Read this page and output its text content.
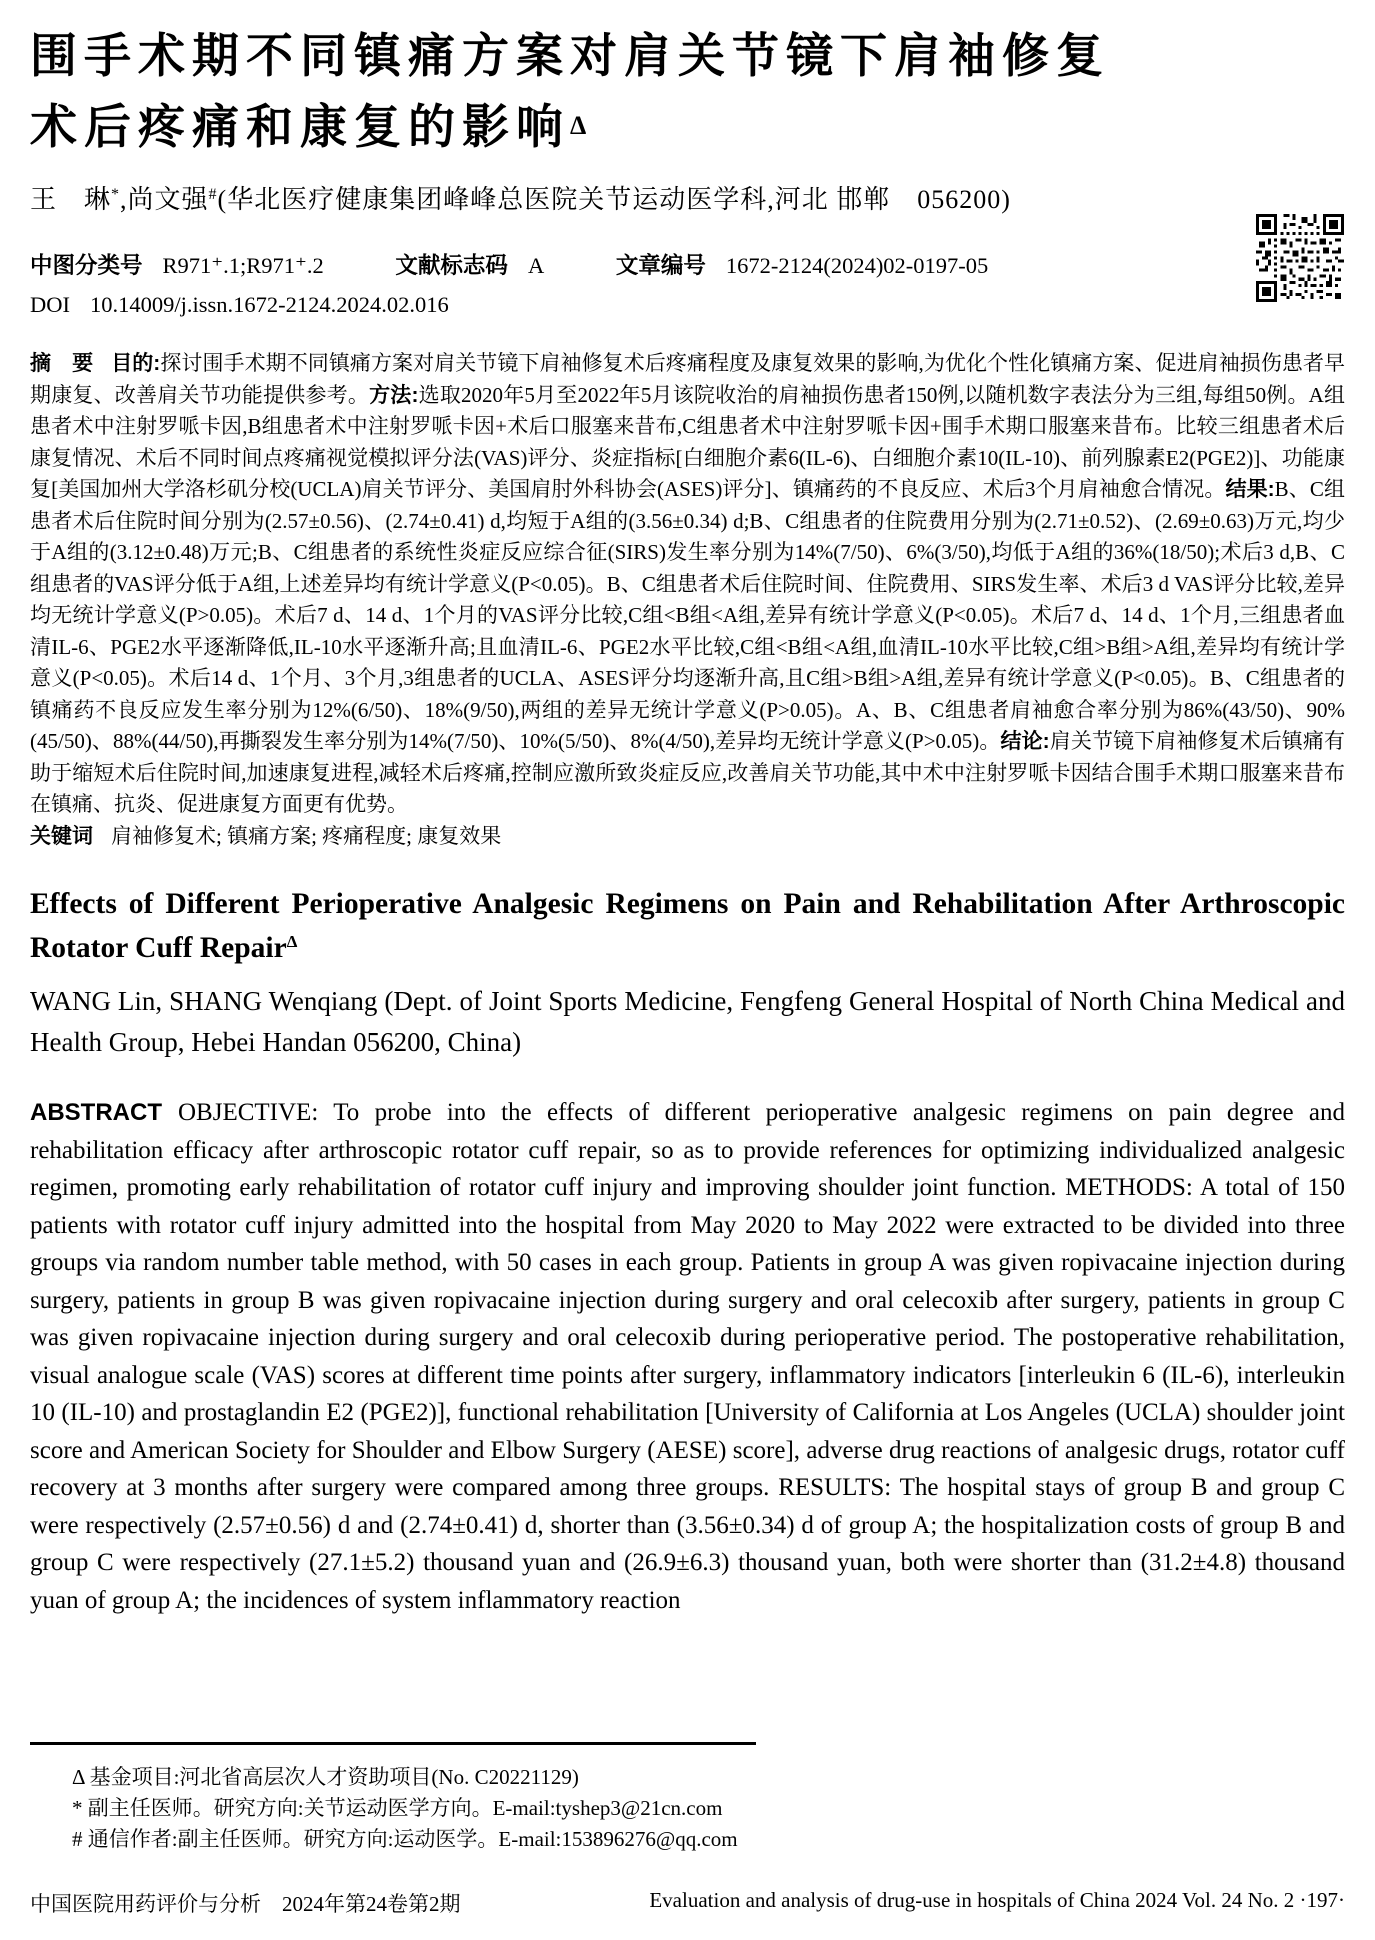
围手术期不同镇痛方案对肩关节镜下肩袖修复
术后疼痛和康复的影响Δ
王　琳*,尚文强#(华北医疗健康集团峰峰总医院关节运动医学科,河北 邯郸　056200)
中图分类号 R971⁺.1;R971⁺.2	文献标志码 A	文章编号 1672-2124(2024)02-0197-05
DOI 10.14009/j.issn.1672-2124.2024.02.016

摘　要 目的:探讨围手术期不同镇痛方案对肩关节镜下肩袖修复术后疼痛程度及康复效果的影响,为优化个性化镇痛方案、促进肩袖损伤患者早期康复、改善肩关节功能提供参考。方法:选取2020年5月至2022年5月该院收治的肩袖损伤患者150例,以随机数字表法分为三组,每组50例。A组患者术中注射罗哌卡因,B组患者术中注射罗哌卡因+术后口服塞来昔布,C组患者术中注射罗哌卡因+围手术期口服塞来昔布。比较三组患者术后康复情况、术后不同时间点疼痛视觉模拟评分法(VAS)评分、炎症指标[白细胞介素6(IL-6)、白细胞介素10(IL-10)、前列腺素E2(PGE2)]、功能康复[美国加州大学洛杉矶分校(UCLA)肩关节评分、美国肩肘外科协会(ASES)评分]、镇痛药的不良反应、术后3个月肩袖愈合情况。结果:B、C组患者术后住院时间分别为(2.57±0.56)、(2.74±0.41) d,均短于A组的(3.56±0.34) d;B、C组患者的住院费用分别为(2.71±0.52)、(2.69±0.63)万元,均少于A组的(3.12±0.48)万元;B、C组患者的系统性炎症反应综合征(SIRS)发生率分别为14%(7/50)、6%(3/50),均低于A组的36%(18/50);术后3 d,B、C组患者的VAS评分低于A组,上述差异均有统计学意义(P<0.05)。B、C组患者术后住院时间、住院费用、SIRS发生率、术后3 d VAS评分比较,差异均无统计学意义(P>0.05)。术后7 d、14 d、1个月的VAS评分比较,C组<B组<A组,差异有统计学意义(P<0.05)。术后7 d、14 d、1个月,三组患者血清IL-6、PGE2水平逐渐降低,IL-10水平逐渐升高;且血清IL-6、PGE2水平比较,C组<B组<A组,血清IL-10水平比较,C组>B组>A组,差异均有统计学意义(P<0.05)。术后14 d、1个月、3个月,3组患者的UCLA、ASES评分均逐渐升高,且C组>B组>A组,差异有统计学意义(P<0.05)。B、C组患者的镇痛药不良反应发生率分别为12%(6/50)、18%(9/50),两组的差异无统计学意义(P>0.05)。A、B、C组患者肩袖愈合率分别为86%(43/50)、90%(45/50)、88%(44/50),再撕裂发生率分别为14%(7/50)、10%(5/50)、8%(4/50),差异均无统计学意义(P>0.05)。结论:肩关节镜下肩袖修复术后镇痛有助于缩短术后住院时间,加速康复进程,减轻术后疼痛,控制应激所致炎症反应,改善肩关节功能,其中术中注射罗哌卡因结合围手术期口服塞来昔布在镇痛、抗炎、促进康复方面更有优势。

关键词 肩袖修复术; 镇痛方案; 疼痛程度; 康复效果

Effects of Different Perioperative Analgesic Regimens on Pain and Rehabilitation After Arthroscopic Rotator Cuff Repair$^\Delta$
WANG Lin, SHANG Wenqiang (Dept. of Joint Sports Medicine, Fengfeng General Hospital of North China Medical and Health Group, Hebei Handan 056200, China)

ABSTRACT OBJECTIVE: To probe into the effects of different perioperative analgesic regimens on pain degree and rehabilitation efficacy after arthroscopic rotator cuff repair, so as to provide references for optimizing individualized analgesic regimen, promoting early rehabilitation of rotator cuff injury and improving shoulder joint function. METHODS: A total of 150 patients with rotator cuff injury admitted into the hospital from May 2020 to May 2022 were extracted to be divided into three groups via random number table method, with 50 cases in each group. Patients in group A was given ropivacaine injection during surgery, patients in group B was given ropivacaine injection during surgery and oral celecoxib after surgery, patients in group C was given ropivacaine injection during surgery and oral celecoxib during perioperative period. The postoperative rehabilitation, visual analogue scale (VAS) scores at different time points after surgery, inflammatory indicators [interleukin 6 (IL-6), interleukin 10 (IL-10) and prostaglandin E2 (PGE2)], functional rehabilitation [University of California at Los Angeles (UCLA) shoulder joint score and American Society for Shoulder and Elbow Surgery (AESE) score], adverse drug reactions of analgesic drugs, rotator cuff recovery at 3 months after surgery were compared among three groups. RESULTS: The hospital stays of group B and group C were respectively (2.57±0.56) d and (2.74±0.41) d, shorter than (3.56±0.34) d of group A; the hospitalization costs of group B and group C were respectively (27.1±5.2) thousand yuan and (26.9±6.3) thousand yuan, both were shorter than (31.2±4.8) thousand yuan of group A; the incidences of system inflammatory reaction

Δ 基金项目:河北省高层次人才资助项目(No. C20221129)
* 副主任医师。研究方向:关节运动医学方向。E-mail:tyshep3@21cn.com
# 通信作者:副主任医师。研究方向:运动医学。E-mail:153896276@qq.com
中国医院用药评价与分析　2024年第24卷第2期	Evaluation and analysis of drug-use in hospitals of China 2024 Vol. 24 No. 2 ·197·
